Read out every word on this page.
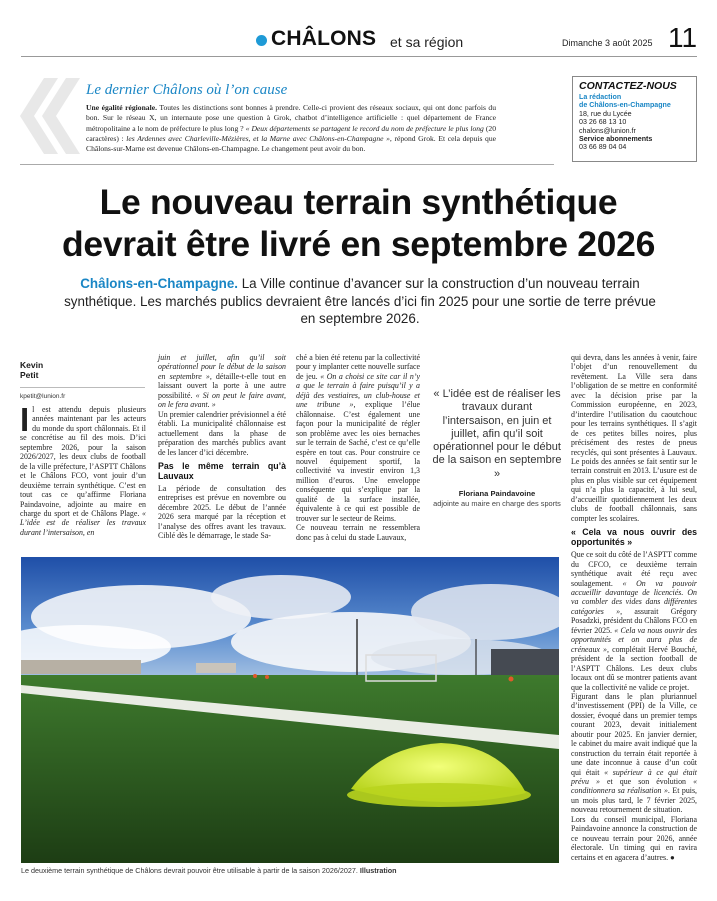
CHÂLONS et sa région	Dimanche 3 août 2025 11
Le dernier Châlons où l’on cause
Une égalité régionale. Toutes les distinctions sont bonnes à prendre. Celle-ci provient des réseaux sociaux, qui ont donc parfois du bon. Sur le réseau X, un internaute pose une question à Grok, chatbot d’intelligence artificielle : quel département de France métropolitaine a le nom de préfecture le plus long ? « Deux départements se partagent le record du nom de préfecture le plus long (20 caractères) : les Ardennes avec Charleville-Mézières, et la Marne avec Châlons-en-Champagne », répond Grok. Et cela depuis que Châlons-sur-Marne est devenue Châlons-en-Champagne. Le changement peut avoir du bon.
CONTACTEZ-NOUS
La rédaction
de Châlons-en-Champagne
18, rue du Lycée
03 26 68 13 10
chalons@lunion.fr
Service abonnements
03 66 89 04 04
Le nouveau terrain synthétique
devrait être livré en septembre 2026
Châlons-en-Champagne. La Ville continue d’avancer sur la construction d’un nouveau terrain synthétique. Les marchés publics devraient être lancés d’ici fin 2025 pour une sortie de terre prévue en septembre 2026.
Kevin
Petit
kpetit@lunion.fr

Il est attendu depuis plusieurs années maintenant par les acteurs du monde du sport châlonnais. Et il se concrétise au fil des mois. D’ici septembre 2026, pour la saison 2026/2027, les deux clubs de football de la ville préfecture, l’ASPTT Châlons et le Châlons FCO, vont jouir d’un deuxième terrain synthétique. C’est en tout cas ce qu’affirme Floriana Paindavoine, adjointe au maire en charge du sport et de Châlons Plage. « L’idée est de réaliser les travaux durant l’intersaison, en

juin et juillet, afin qu’il soit opérationnel pour le début de la saison en septembre », détaille-t-elle tout en laissant ouvert la porte à une autre possibilité. « Si on peut le faire avant, on le fera avant. »

Un premier calendrier prévisionnel a été établi. La municipalité châlonnaise est actuellement dans la phase de préparation des marchés publics avant de les lancer d’ici décembre.

Pas le même terrain qu’à Lauvaux

La période de consultation des entreprises est prévue en novembre ou décembre 2025. Le début de l’année 2026 sera marqué par la réception et l’analyse des offres avant les travaux. Ciblé dès le démarrage, le stade Sa-

ché a bien été retenu par la collectivité pour y implanter cette nouvelle surface de jeu. « On a choisi ce site car il n’y a que le terrain à faire puisqu’il y a déjà des vestiaires, un club-house et une tribune », explique l’élue châlonnaise. C’est également une façon pour la municipalité de régler son problème avec les oies bernaches sur le terrain de Saché, c’est ce qu’elle espère en tout cas. Pour construire ce nouvel équipement sportif, la collectivité va investir environ 1,3 million d’euros. Une enveloppe conséquente qui s’explique par la qualité de la surface installée, équivalente à ce qui est possible de trouver sur le secteur de Reims.

Ce nouveau terrain ne ressemblera donc pas à celui du stade Lauvaux,

« L’idée est de réaliser les travaux durant l’intersaison, en juin et juillet, afin qu’il soit opérationnel pour le début de la saison en septembre »
Floriana Paindavoine
adjointe au maire en charge des sports

qui devra, dans les années à venir, faire l’objet d’un renouvellement du revêtement. La Ville sera dans l’obligation de se mettre en conformité avec la décision prise par la Commission européenne, en 2023, d’interdire l’utilisation du caoutchouc pour les terrains synthétiques. Il s’agit de ces petites billes noires, plus précisément des restes de pneus recyclés, qui sont présentes à Lauvaux. Le poids des années se fait sentir sur le terrain construit en 2013. L’usure est de plus en plus visible sur cet équipement qui n’a plus la capacité, à lui seul, d’accueillir quotidiennement les deux clubs de football châlonnais, sans compter les scolaires.

« Cela va nous ouvrir des opportunités »

Que ce soit du côté de l’ASPTT comme du CFCO, ce deuxième terrain synthétique avait été reçu avec soulagement. « On va pouvoir accueillir davantage de licenciés. On va combler des vides dans différentes catégories », assurait Grégory Posadzki, président du Châlons FCO en février 2025. « Cela va nous ouvrir des opportunités et on aura plus de créneaux », complétait Hervé Bouché, président de la section football de l’ASPTT Châlons. Les deux clubs locaux ont dû se montrer patients avant que la collectivité ne valide ce projet.

Figurant dans le plan pluriannuel d’investissement (PPI) de la Ville, ce dossier, évoqué dans un premier temps courant 2023, devait initialement aboutir pour 2025. En janvier dernier, le cabinet du maire avait indiqué que la construction du terrain était reportée à une date inconnue à cause d’un coût qui était « supérieur à ce qui était prévu » et que son évolution « conditionnera sa réalisation ». Et puis, un mois plus tard, le 7 février 2025, nouveau retournement de situation.

Lors du conseil municipal, Floriana Paindavoine annonce la construction de ce nouveau terrain pour 2026, année électorale. Un timing qui en ravira certains et en agacera d’autres. ●

Le deuxième terrain synthétique de Châlons devrait pouvoir être utilisable à partir de la saison 2026/2027. Illustration
